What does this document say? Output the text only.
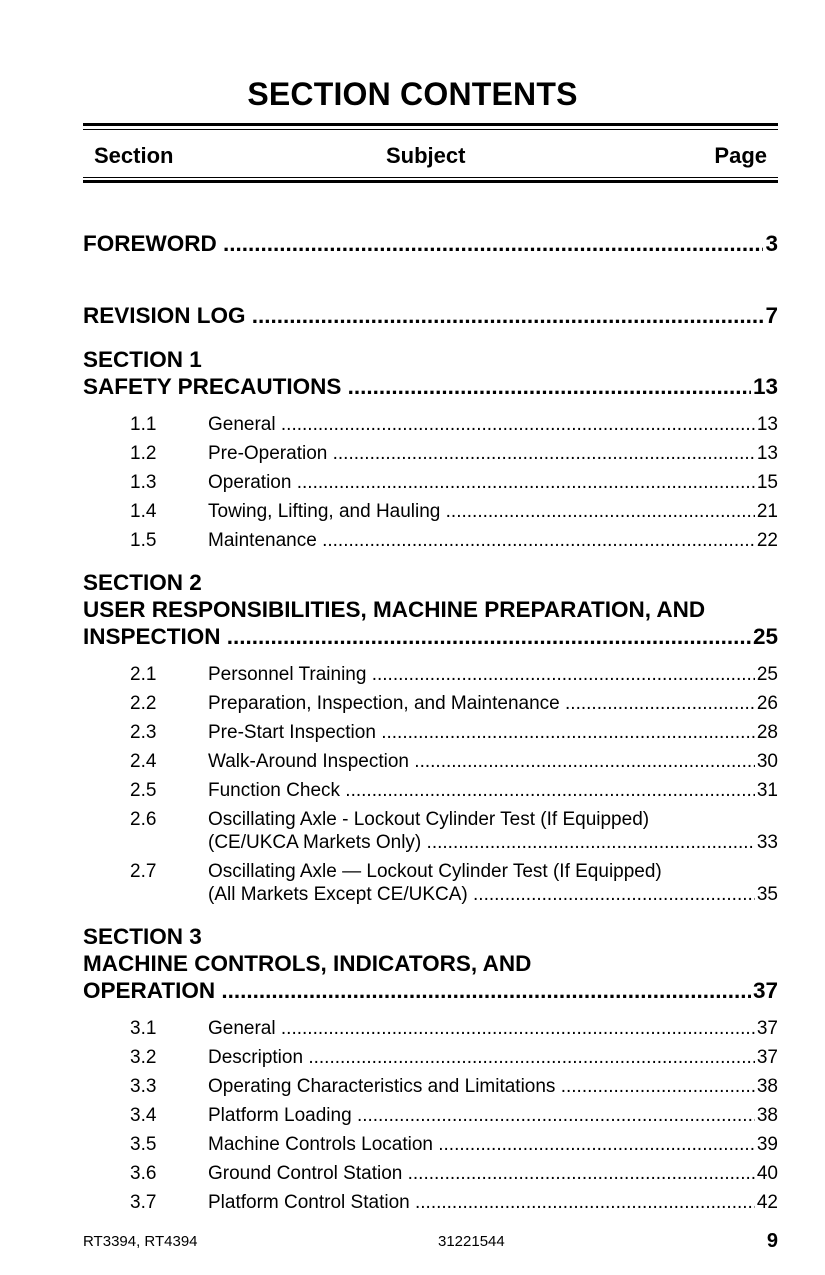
SECTION CONTENTS
Section	Subject	Page
FOREWORD .....	3
REVISION LOG .....	7
SECTION 1
SAFETY PRECAUTIONS .....	13
1.1	General .....	13
1.2	Pre-Operation .....	13
1.3	Operation .....	15
1.4	Towing, Lifting, and Hauling .....	21
1.5	Maintenance .....	22
SECTION 2
USER RESPONSIBILITIES, MACHINE PREPARATION, AND
INSPECTION .....	25
2.1	Personnel Training .....	25
2.2	Preparation, Inspection, and Maintenance .....	26
2.3	Pre-Start Inspection .....	28
2.4	Walk-Around Inspection .....	30
2.5	Function Check .....	31
2.6	Oscillating Axle - Lockout Cylinder Test (If Equipped)
(CE/UKCA Markets Only) .....	33
2.7	Oscillating Axle — Lockout Cylinder Test (If Equipped)
(All Markets Except CE/UKCA) .....	35
SECTION 3
MACHINE CONTROLS, INDICATORS, AND
OPERATION .....	37
3.1	General .....	37
3.2	Description .....	37
3.3	Operating Characteristics and Limitations .....	38
3.4	Platform Loading .....	38
3.5	Machine Controls Location .....	39
3.6	Ground Control Station .....	40
3.7	Platform Control Station .....	42
RT3394, RT4394	31221544	9
